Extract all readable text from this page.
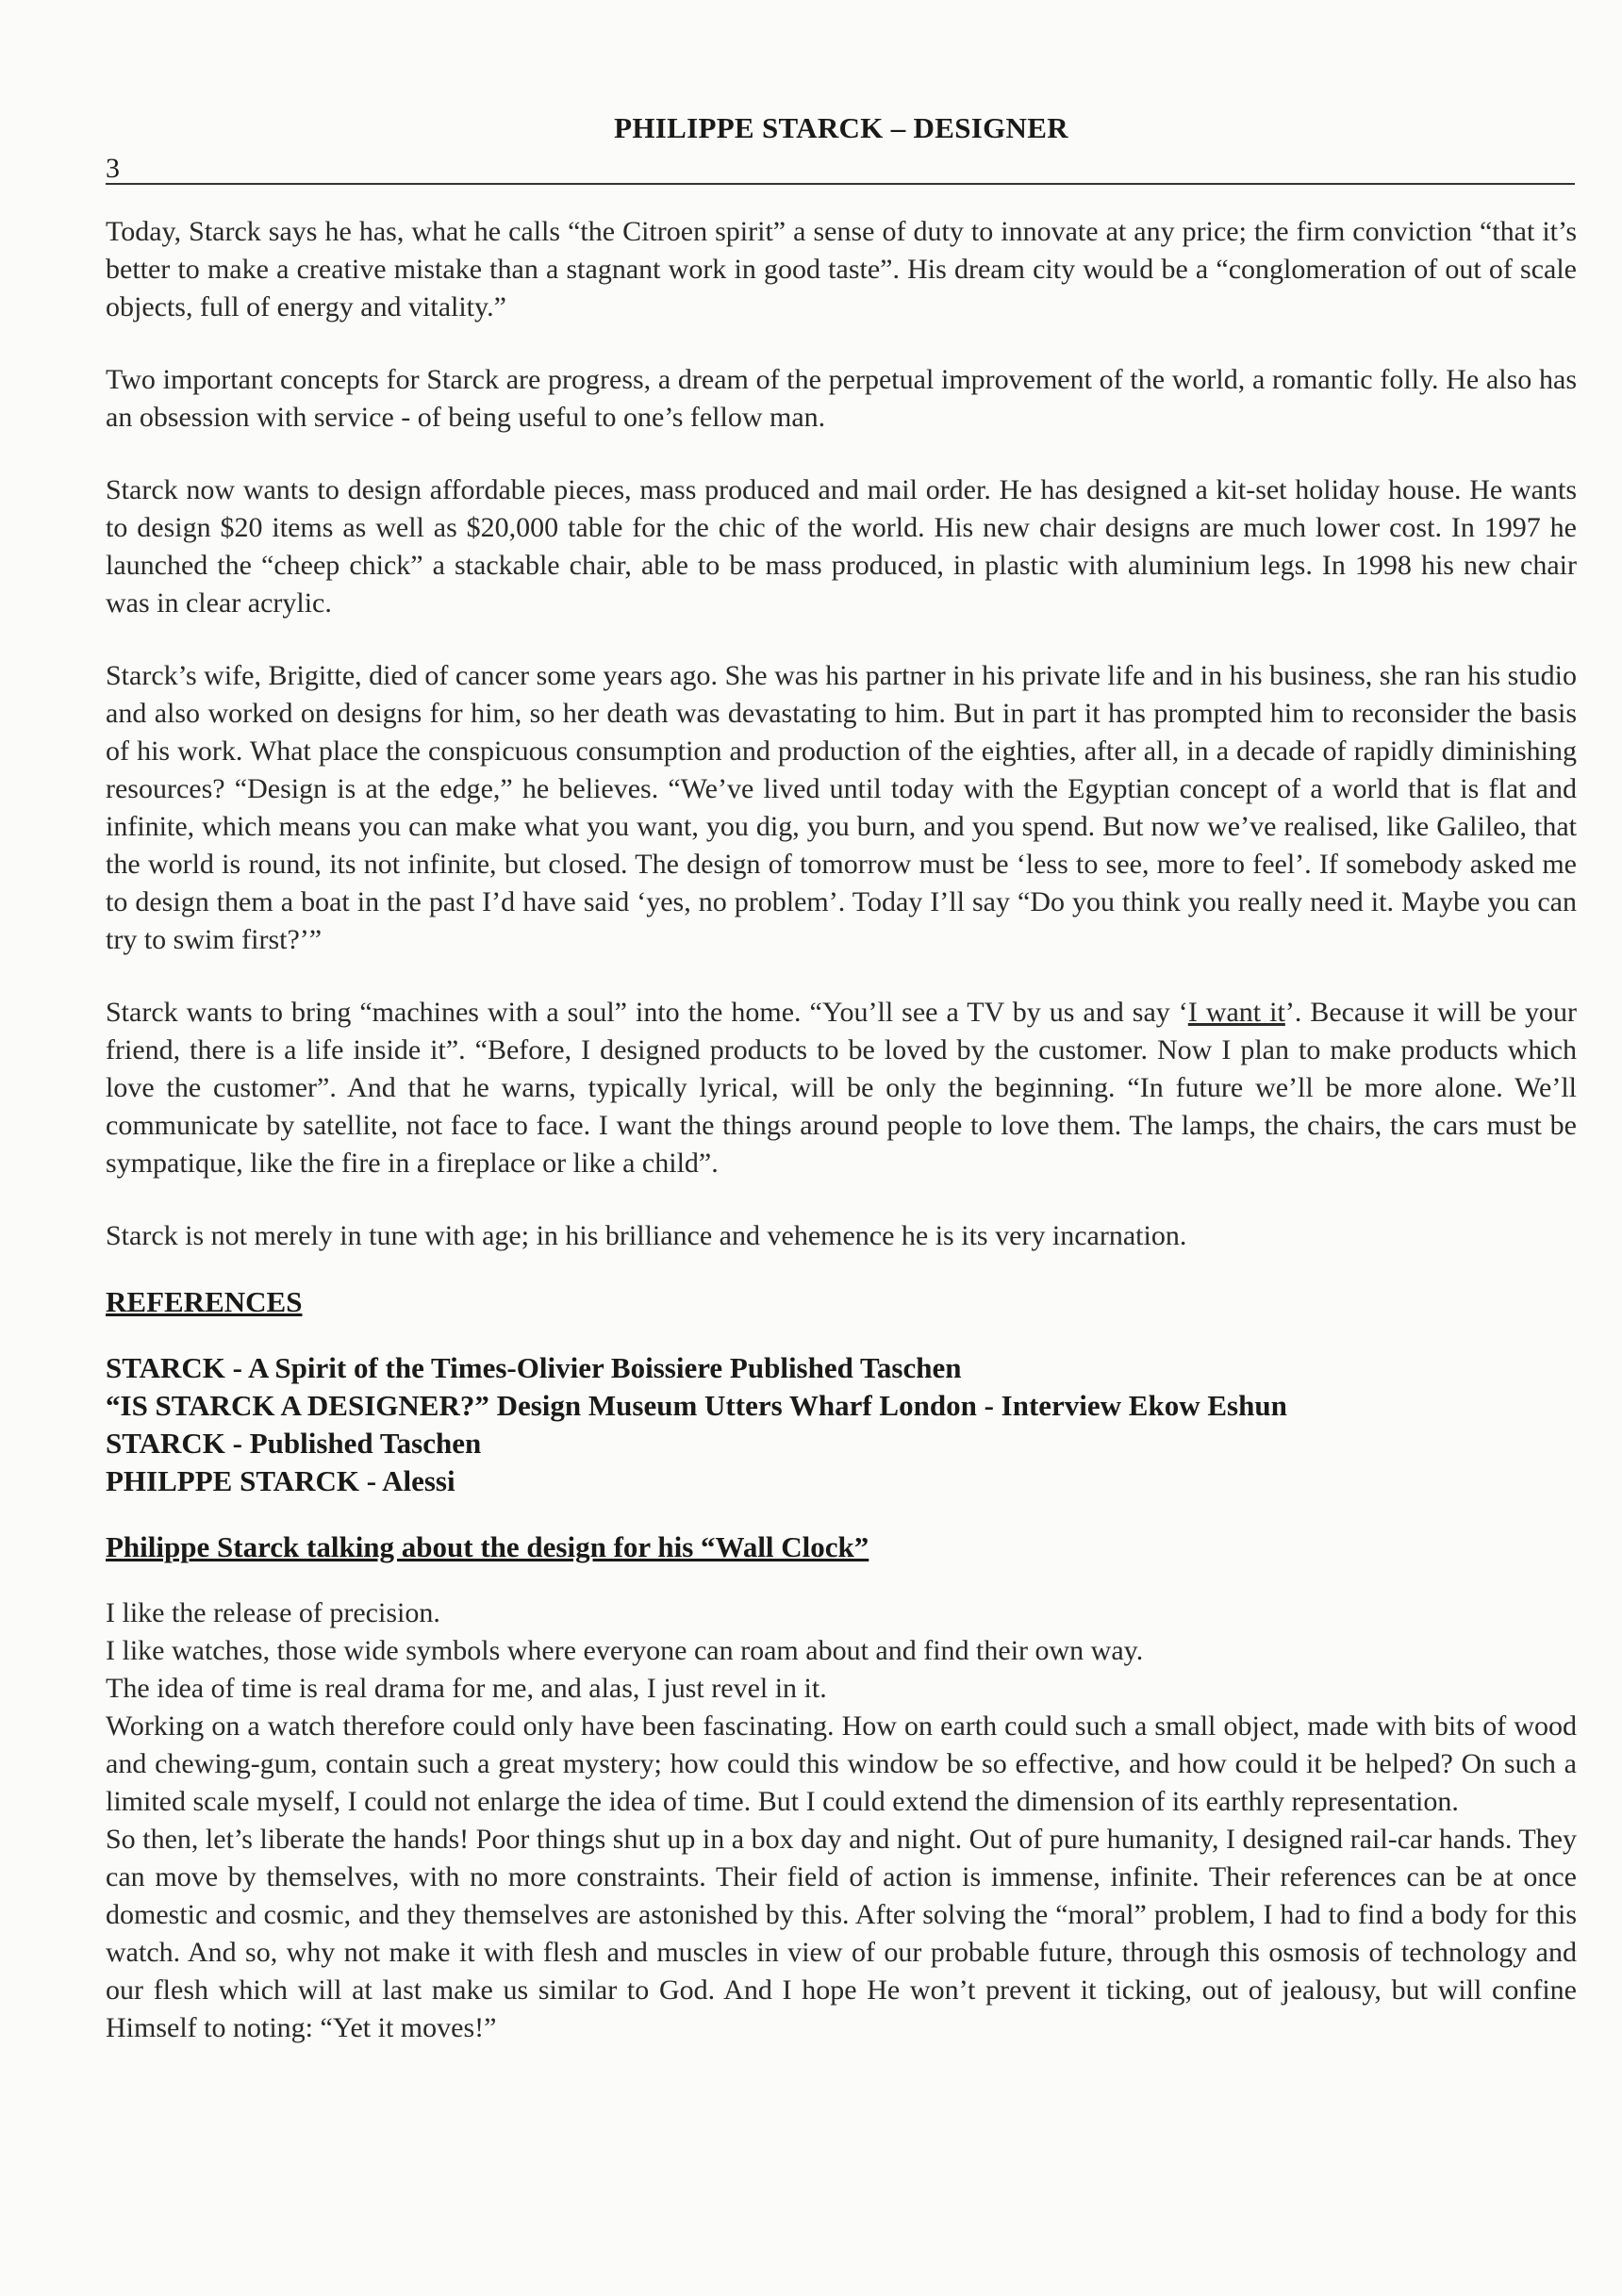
PHILIPPE STARCK – DESIGNER
3

Today, Starck says he has, what he calls “the Citroen spirit” a sense of duty to innovate at any price; the firm conviction “that it’s better to make a creative mistake than a stagnant work in good taste”. His dream city would be a “conglomeration of out of scale objects, full of energy and vitality.”

Two important concepts for Starck are progress, a dream of the perpetual improvement of the world, a romantic folly. He also has an obsession with service - of being useful to one’s fellow man.

Starck now wants to design affordable pieces, mass produced and mail order. He has designed a kit-set holiday house. He wants to design $20 items as well as $20,000 table for the chic of the world. His new chair designs are much lower cost. In 1997 he launched the “cheep chick” a stackable chair, able to be mass produced, in plastic with aluminium legs. In 1998 his new chair was in clear acrylic.

Starck’s wife, Brigitte, died of cancer some years ago. She was his partner in his private life and in his business, she ran his studio and also worked on designs for him, so her death was devastating to him. But in part it has prompted him to reconsider the basis of his work. What place the conspicuous consumption and production of the eighties, after all, in a decade of rapidly diminishing resources? “Design is at the edge,” he believes. “We’ve lived until today with the Egyptian concept of a world that is flat and infinite, which means you can make what you want, you dig, you burn, and you spend. But now we’ve realised, like Galileo, that the world is round, its not infinite, but closed. The design of tomorrow must be ‘less to see, more to feel’. If somebody asked me to design them a boat in the past I’d have said ‘yes, no problem’. Today I’ll say “Do you think you really need it. Maybe you can try to swim first?’”

Starck wants to bring “machines with a soul” into the home. “You’ll see a TV by us and say ‘I want it’. Because it will be your friend, there is a life inside it”. “Before, I designed products to be loved by the customer. Now I plan to make products which love the customer”. And that he warns, typically lyrical, will be only the beginning. “In future we’ll be more alone. We’ll communicate by satellite, not face to face. I want the things around people to love them. The lamps, the chairs, the cars must be sympatique, like the fire in a fireplace or like a child”.

Starck is not merely in tune with age; in his brilliance and vehemence he is its very incarnation.

REFERENCES

STARCK - A Spirit of the Times-Olivier Boissiere Published Taschen

“IS STARCK A DESIGNER?” Design Museum Utters Wharf London - Interview Ekow Eshun

STARCK - Published Taschen

PHILPPE STARCK - Alessi

Philippe Starck talking about the design for his “Wall Clock”

I like the release of precision.

I like watches, those wide symbols where everyone can roam about and find their own way.

The idea of time is real drama for me, and alas, I just revel in it.

Working on a watch therefore could only have been fascinating. How on earth could such a small object, made with bits of wood and chewing-gum, contain such a great mystery; how could this window be so effective, and how could it be helped? On such a limited scale myself, I could not enlarge the idea of time. But I could extend the dimension of its earthly representation.

So then, let’s liberate the hands! Poor things shut up in a box day and night. Out of pure humanity, I designed rail-car hands. They can move by themselves, with no more constraints. Their field of action is immense, infinite. Their references can be at once domestic and cosmic, and they themselves are astonished by this. After solving the “moral” problem, I had to find a body for this watch. And so, why not make it with flesh and muscles in view of our probable future, through this osmosis of technology and our flesh which will at last make us similar to God. And I hope He won’t prevent it ticking, out of jealousy, but will confine Himself to noting: “Yet it moves!”
